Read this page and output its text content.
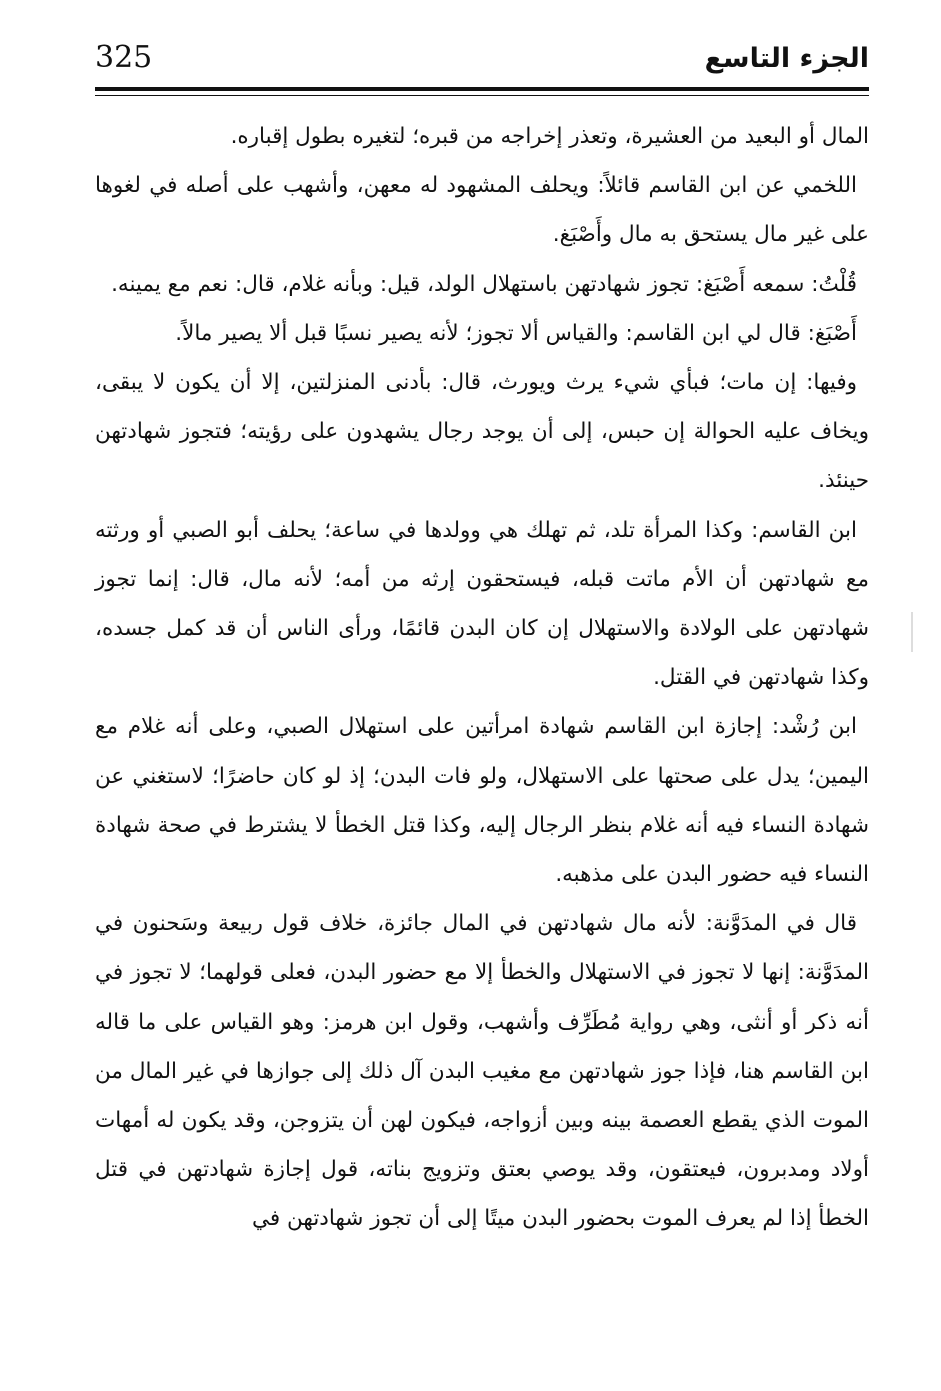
325	الجزء التاسع

المال أو البعيد من العشيرة، وتعذر إخراجه من قبره؛ لتغيره بطول إقباره.

اللخمي عن ابن القاسم قائلاً: ويحلف المشهود له معهن، وأشهب على أصله في لغوها على غير مال يستحق به مال وأَصْبَغ.

قُلْتُ: سمعه أَصْبَغ: تجوز شهادتهن باستهلال الولد، قيل: وبأنه غلام، قال: نعم مع يمينه.

أَصْبَغ: قال لي ابن القاسم: والقياس ألا تجوز؛ لأنه يصير نسبًا قبل ألا يصير مالاً.

وفيها: إن مات؛ فبأي شيء يرث ويورث، قال: بأدنى المنزلتين، إلا أن يكون لا يبقى، ويخاف عليه الحوالة إن حبس، إلى أن يوجد رجال يشهدون على رؤيته؛ فتجوز شهادتهن حينئذ.

ابن القاسم: وكذا المرأة تلد، ثم تهلك هي وولدها في ساعة؛ يحلف أبو الصبي أو ورثته مع شهادتهن أن الأم ماتت قبله، فيستحقون إرثه من أمه؛ لأنه مال، قال: إنما تجوز شهادتهن على الولادة والاستهلال إن كان البدن قائمًا، ورأى الناس أن قد كمل جسده، وكذا شهادتهن في القتل.

ابن رُشْد: إجازة ابن القاسم شهادة امرأتين على استهلال الصبي، وعلى أنه غلام مع اليمين؛ يدل على صحتها على الاستهلال، ولو فات البدن؛ إذ لو كان حاضرًا؛ لاستغني عن شهادة النساء فيه أنه غلام بنظر الرجال إليه، وكذا قتل الخطأ لا يشترط في صحة شهادة النساء فيه حضور البدن على مذهبه.

قال في المدَوَّنة: لأنه مال شهادتهن في المال جائزة، خلاف قول ربيعة وسَحنون في المدَوَّنة: إنها لا تجوز في الاستهلال والخطأ إلا مع حضور البدن، فعلى قولهما؛ لا تجوز في أنه ذكر أو أنثى، وهي رواية مُطَرِّف وأشهب، وقول ابن هرمز: وهو القياس على ما قاله ابن القاسم هنا، فإذا جوز شهادتهن مع مغيب البدن آل ذلك إلى جوازها في غير المال من الموت الذي يقطع العصمة بينه وبين أزواجه، فيكون لهن أن يتزوجن، وقد يكون له أمهات أولاد ومدبرون، فيعتقون، وقد يوصي بعتق وتزويج بناته، قول إجازة شهادتهن في قتل الخطأ إذا لم يعرف الموت بحضور البدن ميتًا إلى أن تجوز شهادتهن في
